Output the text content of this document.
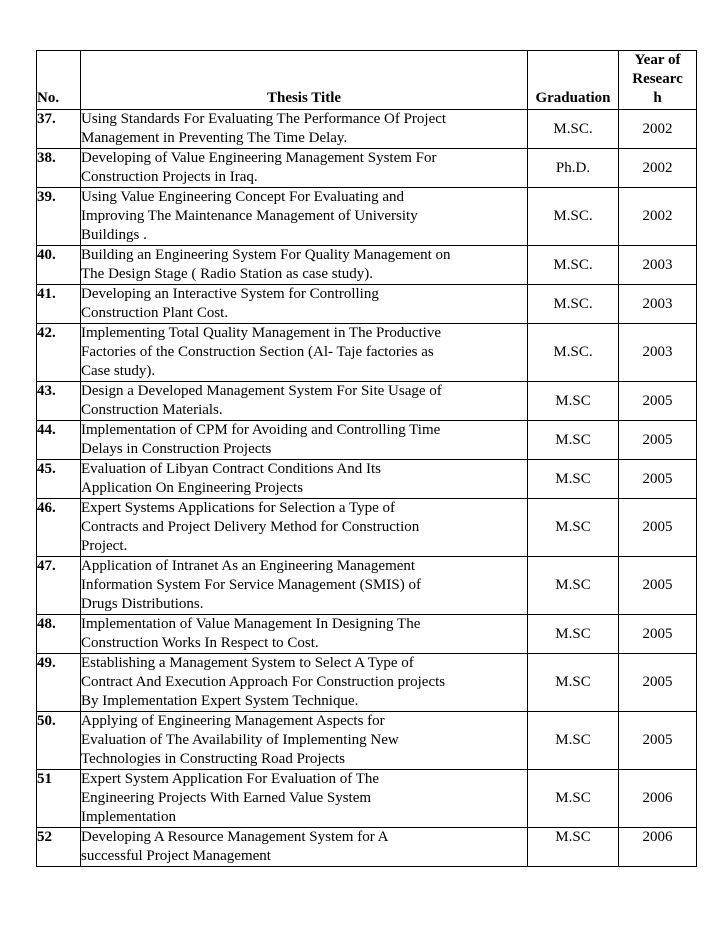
No.	Thesis Title	Graduation	Year of
Researc
h

37.	Using Standards For Evaluating The Performance Of Project
Management in Preventing The Time Delay.	M.SC.	2002
38.	Developing of Value Engineering Management System For
Construction Projects in Iraq.	Ph.D.	2002
39.	Using Value Engineering Concept For Evaluating and
Improving The Maintenance Management of University
Buildings .	M.SC.	2002
40.	Building an Engineering System For Quality Management on
The Design Stage ( Radio Station as case study).	M.SC.	2003
41.	Developing an Interactive System for Controlling
Construction Plant Cost.	M.SC.	2003
42.	Implementing Total Quality Management in The Productive
Factories of the Construction Section (Al- Taje factories as
Case study).	M.SC.	2003
43.	Design a Developed Management System For Site Usage of
Construction Materials.	M.SC	2005
44.	Implementation of CPM for Avoiding and Controlling Time
Delays in Construction Projects	M.SC	2005
45.	Evaluation of Libyan Contract Conditions And Its
Application On Engineering Projects	M.SC	2005
46.	Expert Systems Applications for Selection a Type of
Contracts and Project Delivery Method for Construction
Project.	M.SC	2005
47.	Application of Intranet As an Engineering Management
Information System For Service Management (SMIS) of
Drugs Distributions.	M.SC	2005
48.	Implementation of Value Management In Designing The
Construction Works In Respect to Cost.	M.SC	2005
49.	Establishing a Management System to Select A Type of
Contract And Execution Approach For Construction projects
By Implementation Expert System Technique.	M.SC	2005
50.	Applying of Engineering Management Aspects for
Evaluation of The Availability of Implementing New
Technologies in Constructing Road Projects	M.SC	2005
51	Expert System Application For Evaluation of The
Engineering Projects With Earned Value System
Implementation	M.SC	2006
52	Developing A Resource Management System for A
successful Project Management	M.SC	2006
